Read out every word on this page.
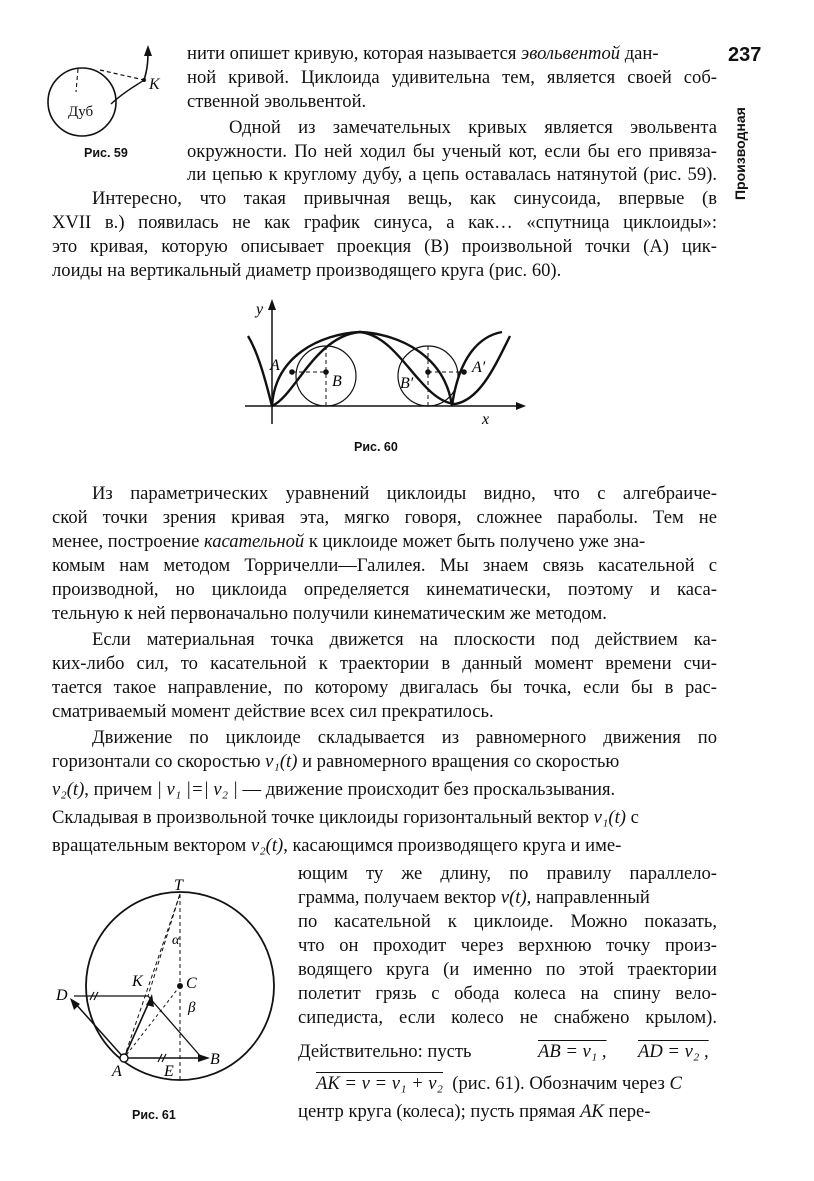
237
Производная
Дуб
K
Рис. 59
нити опишет кривую, которая называется эвольвентой дан-
ной кривой. Циклоида удивительна тем, является своей соб-
ственной эвольвентой.
Одной из замечательных кривых является эвольвента
окружности. По ней ходил бы ученый кот, если бы его привяза-
ли цепью к круглому дубу, а цепь оставалась натянутой (рис. 59).
Интересно, что такая привычная вещь, как синусоида, впервые (в
XVII в.) появилась не как график синуса, а как… «спутница циклоиды»:
это кривая, которую описывает проекция (B) произвольной точки (A) цик-
лоиды на вертикальный диаметр производящего круга (рис. 60).
y
x
A
B	B′
A′
Рис. 60
Из параметрических уравнений циклоиды видно, что с алгебраиче-
ской точки зрения кривая эта, мягко говоря, сложнее параболы. Тем не
менее, построение касательной к циклоиде может быть получено уже зна-
комым нам методом Торричелли—Галилея. Мы знаем связь касательной с
производной, но циклоида определяется кинематически, поэтому и каса-
тельную к ней первоначально получили кинематическим же методом.
Если материальная точка движется на плоскости под действием ка-
ких-либо сил, то касательной к траектории в данный момент времени счи-
тается такое направление, по которому двигалась бы точка, если бы в рас-
сматриваемый момент действие всех сил прекратилось.
Движение по циклоиде складывается из равномерного движения по
горизонтали со скоростью v₁(t) и равномерного вращения со скоростью
v₂(t), причем | v₁ |=| v₂ | — движение происходит без проскальзывания.
Складывая в произвольной точке циклоиды горизонтальный вектор v₁(t) с
вращательным вектором v₂(t), касающимся производящего круга и име-
T
α
C
β
K
D
A	E
B
Рис. 61
ющим ту же длину, по правилу параллело-
грамма, получаем вектор v(t), направленный
по касательной к циклоиде. Можно показать,
что он проходит через верхнюю точку произ-
водящего круга (и именно по этой траектории
полетит грязь с обода колеса на спину вело-
сипедиста, если колесо не снабжено крылом).
Действительно: пусть	AB = v₁ , AD = v₂ ,
AK = v = v₁ + v₂ (рис. 61). Обозначим через C
центр круга (колеса); пусть прямая AK пере-
